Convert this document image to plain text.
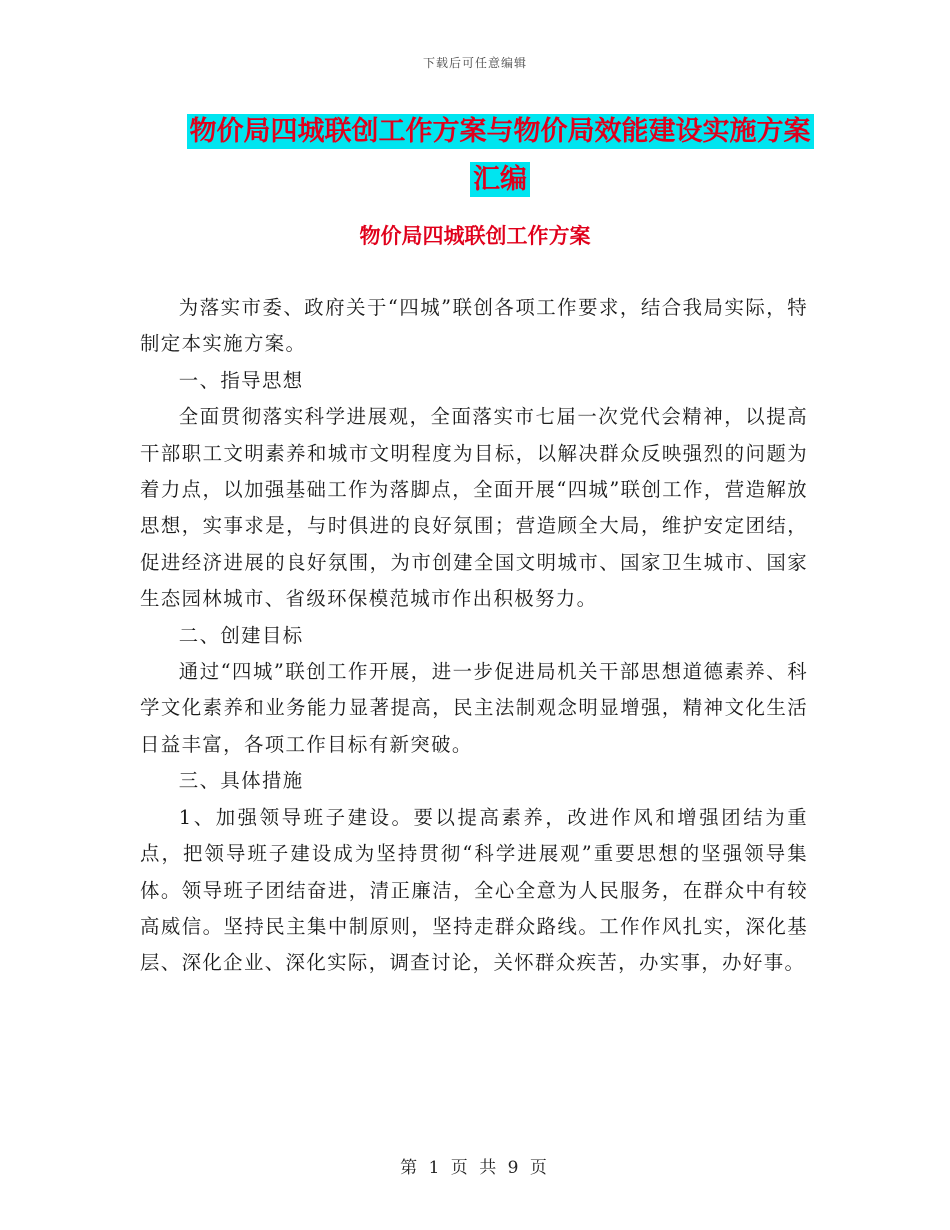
下载后可任意编辑
物价局四城联创工作方案与物价局效能建设实施方案
汇编
物价局四城联创工作方案

为落实市委、政府关于“四城”联创各项工作要求，结合我局实际，特制定本实施方案。

一、指导思想

全面贯彻落实科学进展观，全面落实市七届一次党代会精神，以提高干部职工文明素养和城市文明程度为目标，以解决群众反映强烈的问题为着力点，以加强基础工作为落脚点，全面开展“四城”联创工作，营造解放思想，实事求是，与时俱进的良好氛围；营造顾全大局，维护安定团结，促进经济进展的良好氛围，为市创建全国文明城市、国家卫生城市、国家生态园林城市、省级环保模范城市作出积极努力。

二、创建目标

通过“四城”联创工作开展，进一步促进局机关干部思想道德素养、科学文化素养和业务能力显著提高，民主法制观念明显增强，精神文化生活日益丰富，各项工作目标有新突破。

三、具体措施

1、加强领导班子建设。要以提高素养，改进作风和增强团结为重点，把领导班子建设成为坚持贯彻“科学进展观”重要思想的坚强领导集体。领导班子团结奋进，清正廉洁，全心全意为人民服务，在群众中有较高威信。坚持民主集中制原则，坚持走群众路线。工作作风扎实，深化基层、深化企业、深化实际，调查讨论，关怀群众疾苦，办实事，办好事。

第 1 页 共 9 页
